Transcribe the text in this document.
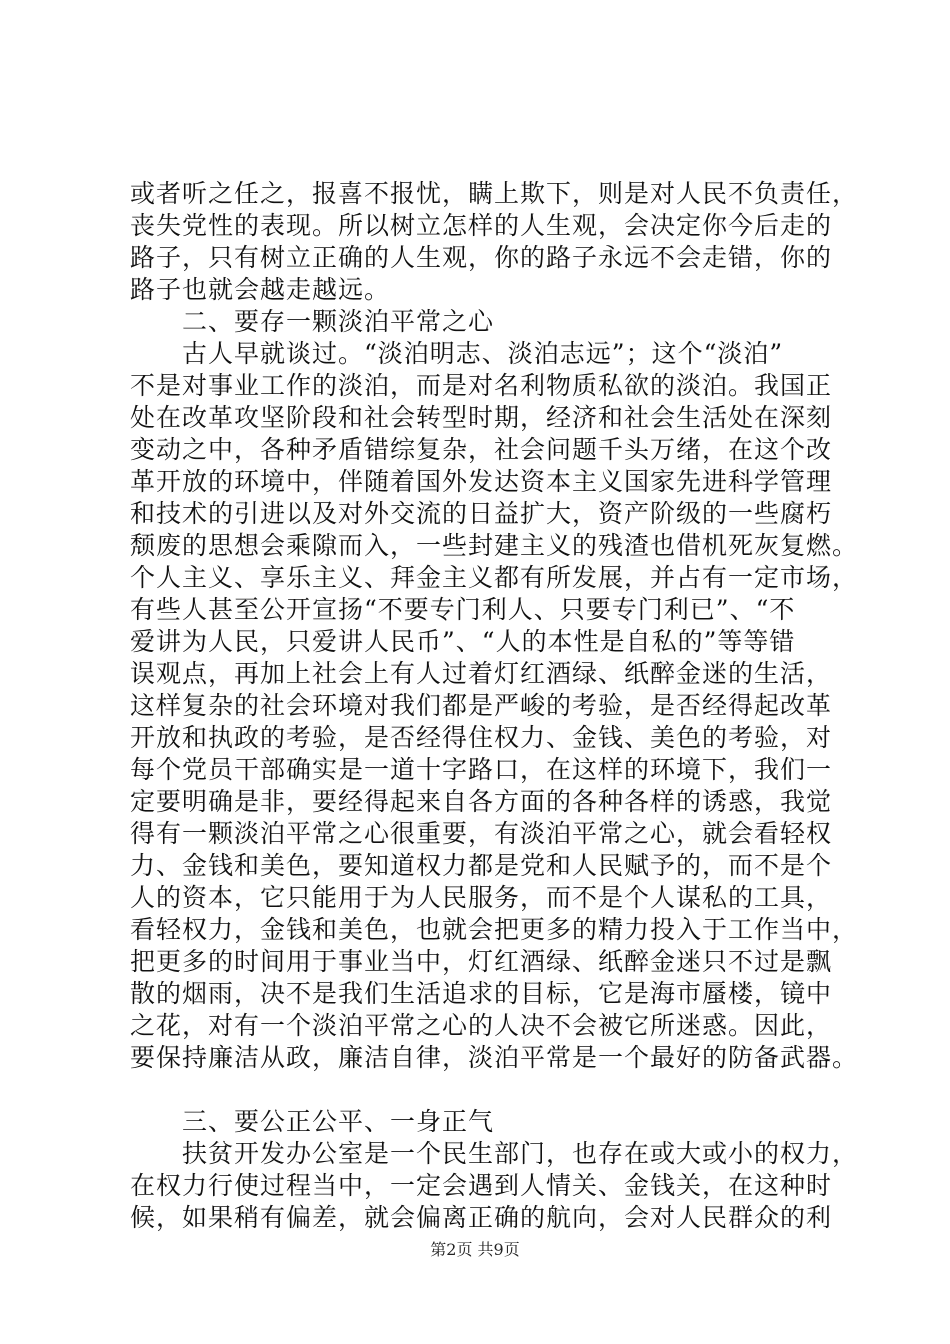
或者听之任之，报喜不报忧，瞒上欺下，则是对人民不负责任，
丧失党性的表现。所以树立怎样的人生观，会决定你今后走的
路子，只有树立正确的人生观，你的路子永远不会走错，你的
路子也就会越走越远。
　　二、要存一颗淡泊平常之心
　　古人早就谈过。“淡泊明志、淡泊志远”；这个“淡泊”
不是对事业工作的淡泊，而是对名利物质私欲的淡泊。我国正
处在改革攻坚阶段和社会转型时期，经济和社会生活处在深刻
变动之中，各种矛盾错综复杂，社会问题千头万绪，在这个改
革开放的环境中，伴随着国外发达资本主义国家先进科学管理
和技术的引进以及对外交流的日益扩大，资产阶级的一些腐朽
颓废的思想会乘隙而入，一些封建主义的残渣也借机死灰复燃。
个人主义、享乐主义、拜金主义都有所发展，并占有一定市场，
有些人甚至公开宣扬“不要专门利人、只要专门利已”、“不
爱讲为人民，只爱讲人民币”、“人的本性是自私的”等等错
误观点，再加上社会上有人过着灯红酒绿、纸醉金迷的生活，
这样复杂的社会环境对我们都是严峻的考验，是否经得起改革
开放和执政的考验，是否经得住权力、金钱、美色的考验，对
每个党员干部确实是一道十字路口，在这样的环境下，我们一
定要明确是非，要经得起来自各方面的各种各样的诱惑，我觉
得有一颗淡泊平常之心很重要，有淡泊平常之心，就会看轻权
力、金钱和美色，要知道权力都是党和人民赋予的，而不是个
人的资本，它只能用于为人民服务，而不是个人谋私的工具，
看轻权力，金钱和美色，也就会把更多的精力投入于工作当中，
把更多的时间用于事业当中，灯红酒绿、纸醉金迷只不过是飘
散的烟雨，决不是我们生活追求的目标，它是海市蜃楼，镜中
之花，对有一个淡泊平常之心的人决不会被它所迷惑。因此，
要保持廉洁从政，廉洁自律，淡泊平常是一个最好的防备武器。
　　三、要公正公平、一身正气
　　扶贫开发办公室是一个民生部门，也存在或大或小的权力，
在权力行使过程当中，一定会遇到人情关、金钱关，在这种时
候，如果稍有偏差，就会偏离正确的航向，会对人民群众的利
第2页 共9页
